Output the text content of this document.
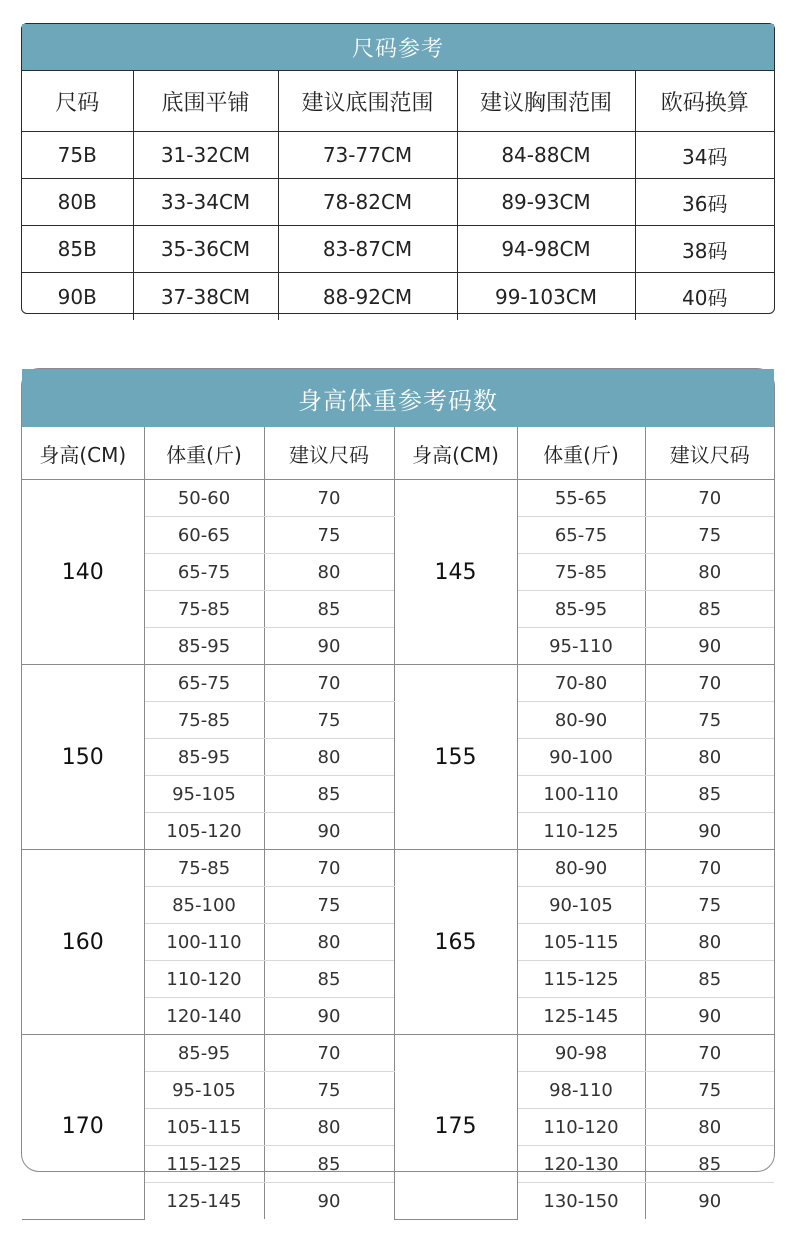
尺码参考
尺码	底围平铺	建议底围范围	建议胸围范围	欧码换算
75B	31-32CM	73-77CM	84-88CM	34码
80B	33-34CM	78-82CM	89-93CM	36码
85B	35-36CM	83-87CM	94-98CM	38码
90B	37-38CM	88-92CM	99-103CM	40码
身高体重参考码数
身高(CM)	体重(斤)	建议尺码	身高(CM)	体重(斤)	建议尺码
140	50-60	70	145	55-65	70
	60-65	75		65-75	75
	65-75	80		75-85	80
	75-85	85		85-95	85
	85-95	90		95-110	90
150	65-75	70	155	70-80	70
	75-85	75		80-90	75
	85-95	80		90-100	80
	95-105	85		100-110	85
	105-120	90		110-125	90
160	75-85	70	165	80-90	70
	85-100	75		90-105	75
	100-110	80		105-115	80
	110-120	85		115-125	85
	120-140	90		125-145	90
170	85-95	70	175	90-98	70
	95-105	75		98-110	75
	105-115	80		110-120	80
	115-125	85		120-130	85
	125-145	90		130-150	90
